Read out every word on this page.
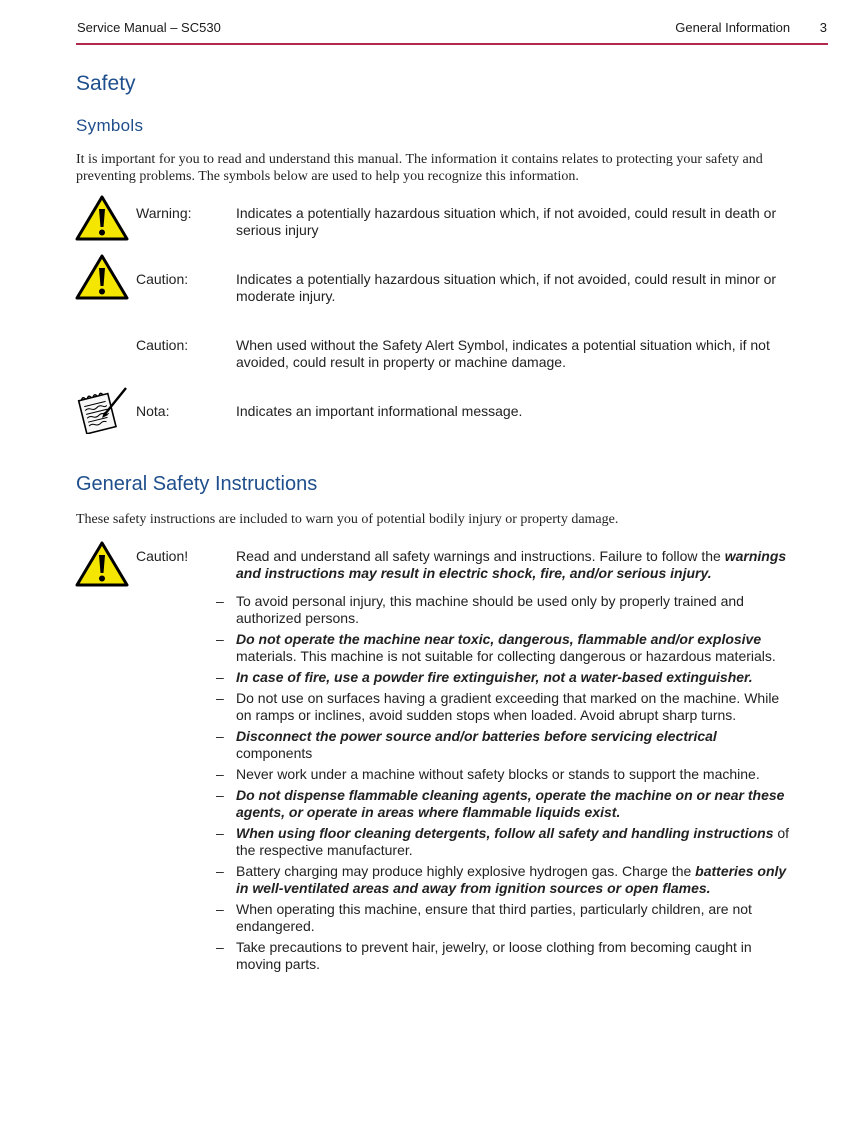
Service Manual – SC530	General Information 3
Safety
Symbols
It is important for you to read and understand this manual. The information it contains relates to protecting your safety and preventing problems. The symbols below are used to help you recognize this information.
Warning:	Indicates a potentially hazardous situation which, if not avoided, could result in death or serious injury
Caution:	Indicates a potentially hazardous situation which, if not avoided, could result in minor or moderate injury.
Caution:	When used without the Safety Alert Symbol, indicates a potential situation which, if not avoided, could result in property or machine damage.
Nota:	Indicates an important informational message.
General Safety Instructions
These safety instructions are included to warn you of potential bodily injury or property damage.
Caution!	Read and understand all safety warnings and instructions. Failure to follow the warnings and instructions may result in electric shock, fire, and/or serious injury.
– To avoid personal injury, this machine should be used only by properly trained and authorized persons.
– Do not operate the machine near toxic, dangerous, flammable and/or explosive materials. This machine is not suitable for collecting dangerous or hazardous materials.
– In case of fire, use a powder fire extinguisher, not a water-based extinguisher.
– Do not use on surfaces having a gradient exceeding that marked on the machine. While on ramps or inclines, avoid sudden stops when loaded. Avoid abrupt sharp turns.
– Disconnect the power source and/or batteries before servicing electrical components
– Never work under a machine without safety blocks or stands to support the machine.
– Do not dispense flammable cleaning agents, operate the machine on or near these agents, or operate in areas where flammable liquids exist.
– When using floor cleaning detergents, follow all safety and handling instructions of the respective manufacturer.
– Battery charging may produce highly explosive hydrogen gas. Charge the batteries only in well-ventilated areas and away from ignition sources or open flames.
– When operating this machine, ensure that third parties, particularly children, are not endangered.
– Take precautions to prevent hair, jewelry, or loose clothing from becoming caught in moving parts.
